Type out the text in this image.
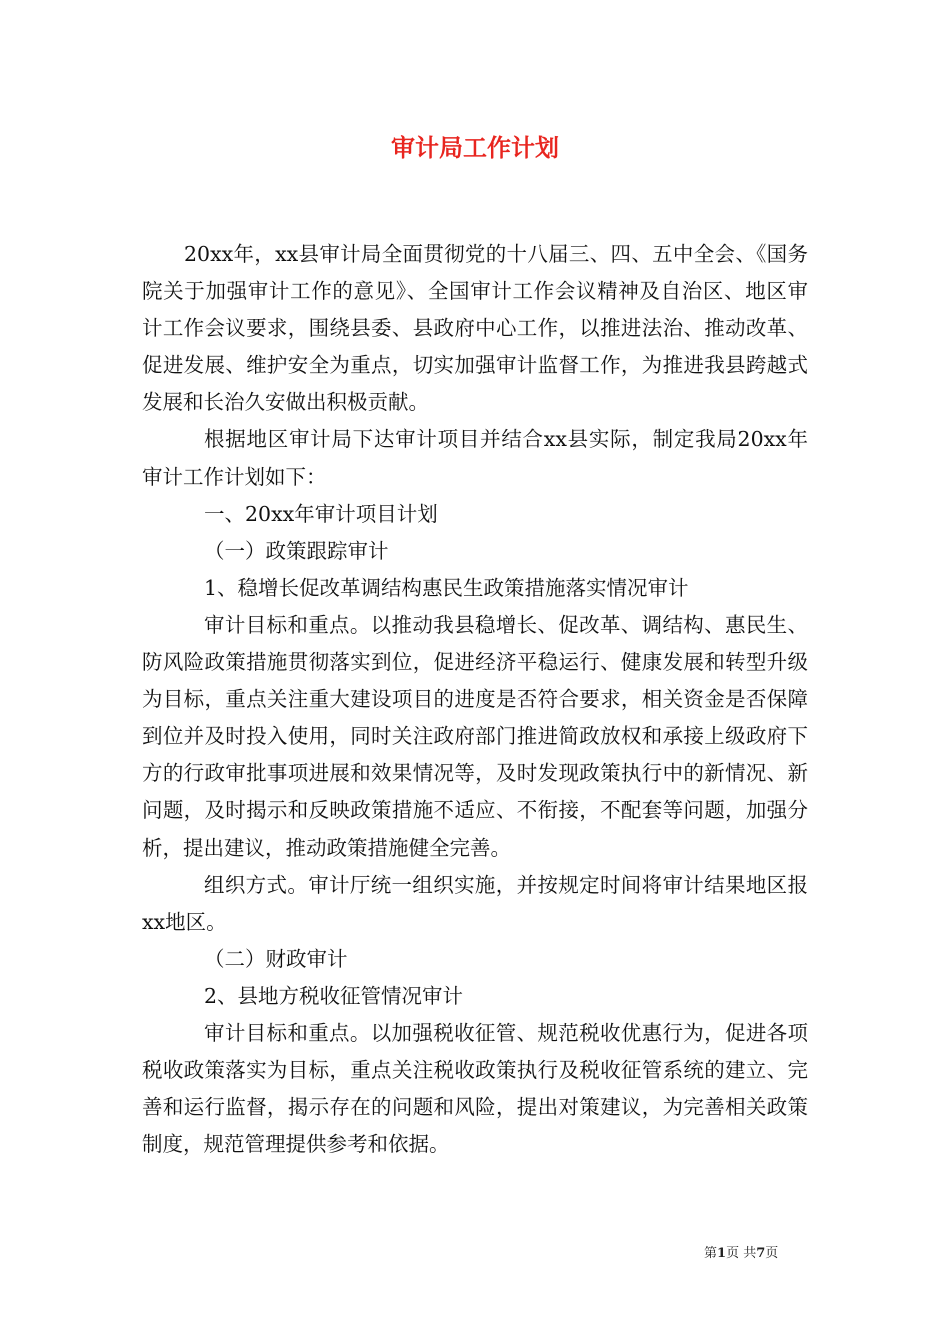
审计局工作计划

20xx年，xx县审计局全面贯彻党的十八届三、四、五中全会、《国务院关于加强审计工作的意见》、全国审计工作会议精神及自治区、地区审计工作会议要求，围绕县委、县政府中心工作，以推进法治、推动改革、促进发展、维护安全为重点，切实加强审计监督工作，为推进我县跨越式发展和长治久安做出积极贡献。

根据地区审计局下达审计项目并结合xx县实际，制定我局20xx年审计工作计划如下：

一、20xx年审计项目计划

（一）政策跟踪审计

1、稳增长促改革调结构惠民生政策措施落实情况审计

审计目标和重点。以推动我县稳增长、促改革、调结构、惠民生、防风险政策措施贯彻落实到位，促进经济平稳运行、健康发展和转型升级为目标，重点关注重大建设项目的进度是否符合要求，相关资金是否保障到位并及时投入使用，同时关注政府部门推进简政放权和承接上级政府下方的行政审批事项进展和效果情况等，及时发现政策执行中的新情况、新问题，及时揭示和反映政策措施不适应、不衔接，不配套等问题，加强分析，提出建议，推动政策措施健全完善。

组织方式。审计厅统一组织实施，并按规定时间将审计结果地区报xx地区。

（二）财政审计

2、县地方税收征管情况审计

审计目标和重点。以加强税收征管、规范税收优惠行为，促进各项税收政策落实为目标，重点关注税收政策执行及税收征管系统的建立、完善和运行监督，揭示存在的问题和风险，提出对策建议，为完善相关政策制度，规范管理提供参考和依据。

第1页 共7页
